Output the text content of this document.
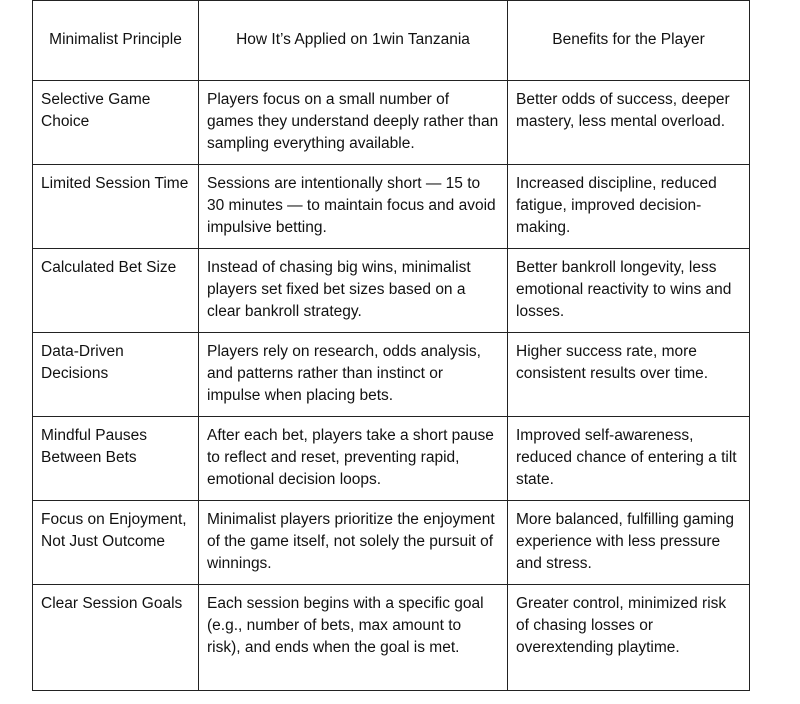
Minimalist Principle	How It’s Applied on 1win Tanzania	Benefits for the Player
Selective Game Choice	Players focus on a small number of games they understand deeply rather than sampling everything available.	Better odds of success, deeper mastery, less mental overload.
Limited Session Time	Sessions are intentionally short — 15 to 30 minutes — to maintain focus and avoid impulsive betting.	Increased discipline, reduced fatigue, improved decision-making.
Calculated Bet Size	Instead of chasing big wins, minimalist players set fixed bet sizes based on a clear bankroll strategy.	Better bankroll longevity, less emotional reactivity to wins and losses.
Data-Driven Decisions	Players rely on research, odds analysis, and patterns rather than instinct or impulse when placing bets.	Higher success rate, more consistent results over time.
Mindful Pauses Between Bets	After each bet, players take a short pause to reflect and reset, preventing rapid, emotional decision loops.	Improved self-awareness, reduced chance of entering a tilt state.
Focus on Enjoyment, Not Just Outcome	Minimalist players prioritize the enjoyment of the game itself, not solely the pursuit of winnings.	More balanced, fulfilling gaming experience with less pressure and stress.
Clear Session Goals	Each session begins with a specific goal (e.g., number of bets, max amount to risk), and ends when the goal is met.	Greater control, minimized risk of chasing losses or overextending playtime.
